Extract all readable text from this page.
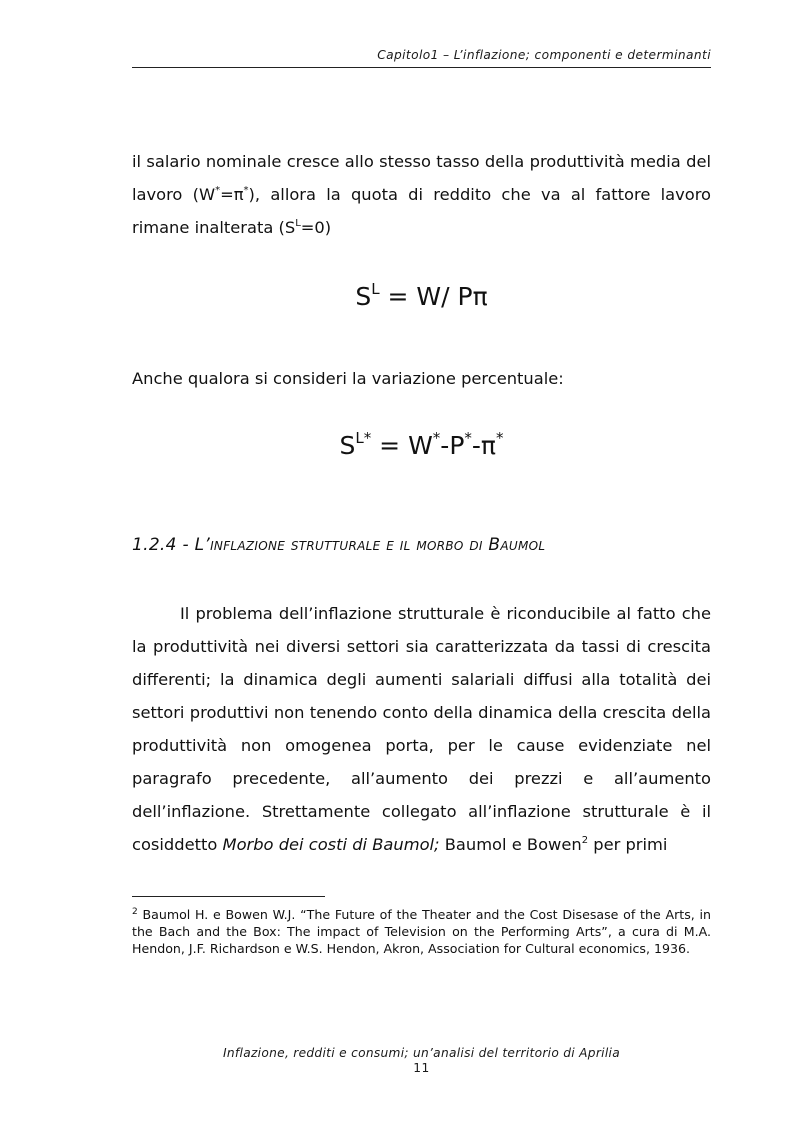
Capitolo1 – L’inflazione; componenti e determinanti

il salario nominale cresce allo stesso tasso della produttività media del lavoro (W*=π*), allora la quota di reddito che va al fattore lavoro rimane inalterata $(S^L=0)$

$S^L = W/$ Pπ

Anche qualora si consideri la variazione percentuale:

$S^{L*} = W^*-P^*-\pi^*$
1.2.4 - L’inflazione strutturale e il morbo di Baumol

Il problema dell’inflazione strutturale è riconducibile al fatto che la produttività nei diversi settori sia caratterizzata da tassi di crescita differenti; la dinamica degli aumenti salariali diffusi alla totalità dei settori produttivi non tenendo conto della dinamica della crescita della produttività non omogenea porta, per le cause evidenziate nel paragrafo precedente, all’aumento dei prezzi e all’aumento dell’inflazione. Strettamente collegato all’inflazione strutturale è il cosiddetto Morbo dei costi di Baumol; Baumol e Bowen$^2$ per primi

$^2$ Baumol H. e Bowen W.J. “The Future of the Theater and the Cost Disesase of the Arts, in the Bach and the Box: The impact of Television on the Performing Arts”, a cura di M.A. Hendon, J.F. Richardson e W.S. Hendon, Akron, Association for Cultural economics, 1936.

Inflazione, redditi e consumi; un’analisi del territorio di Aprilia
11
